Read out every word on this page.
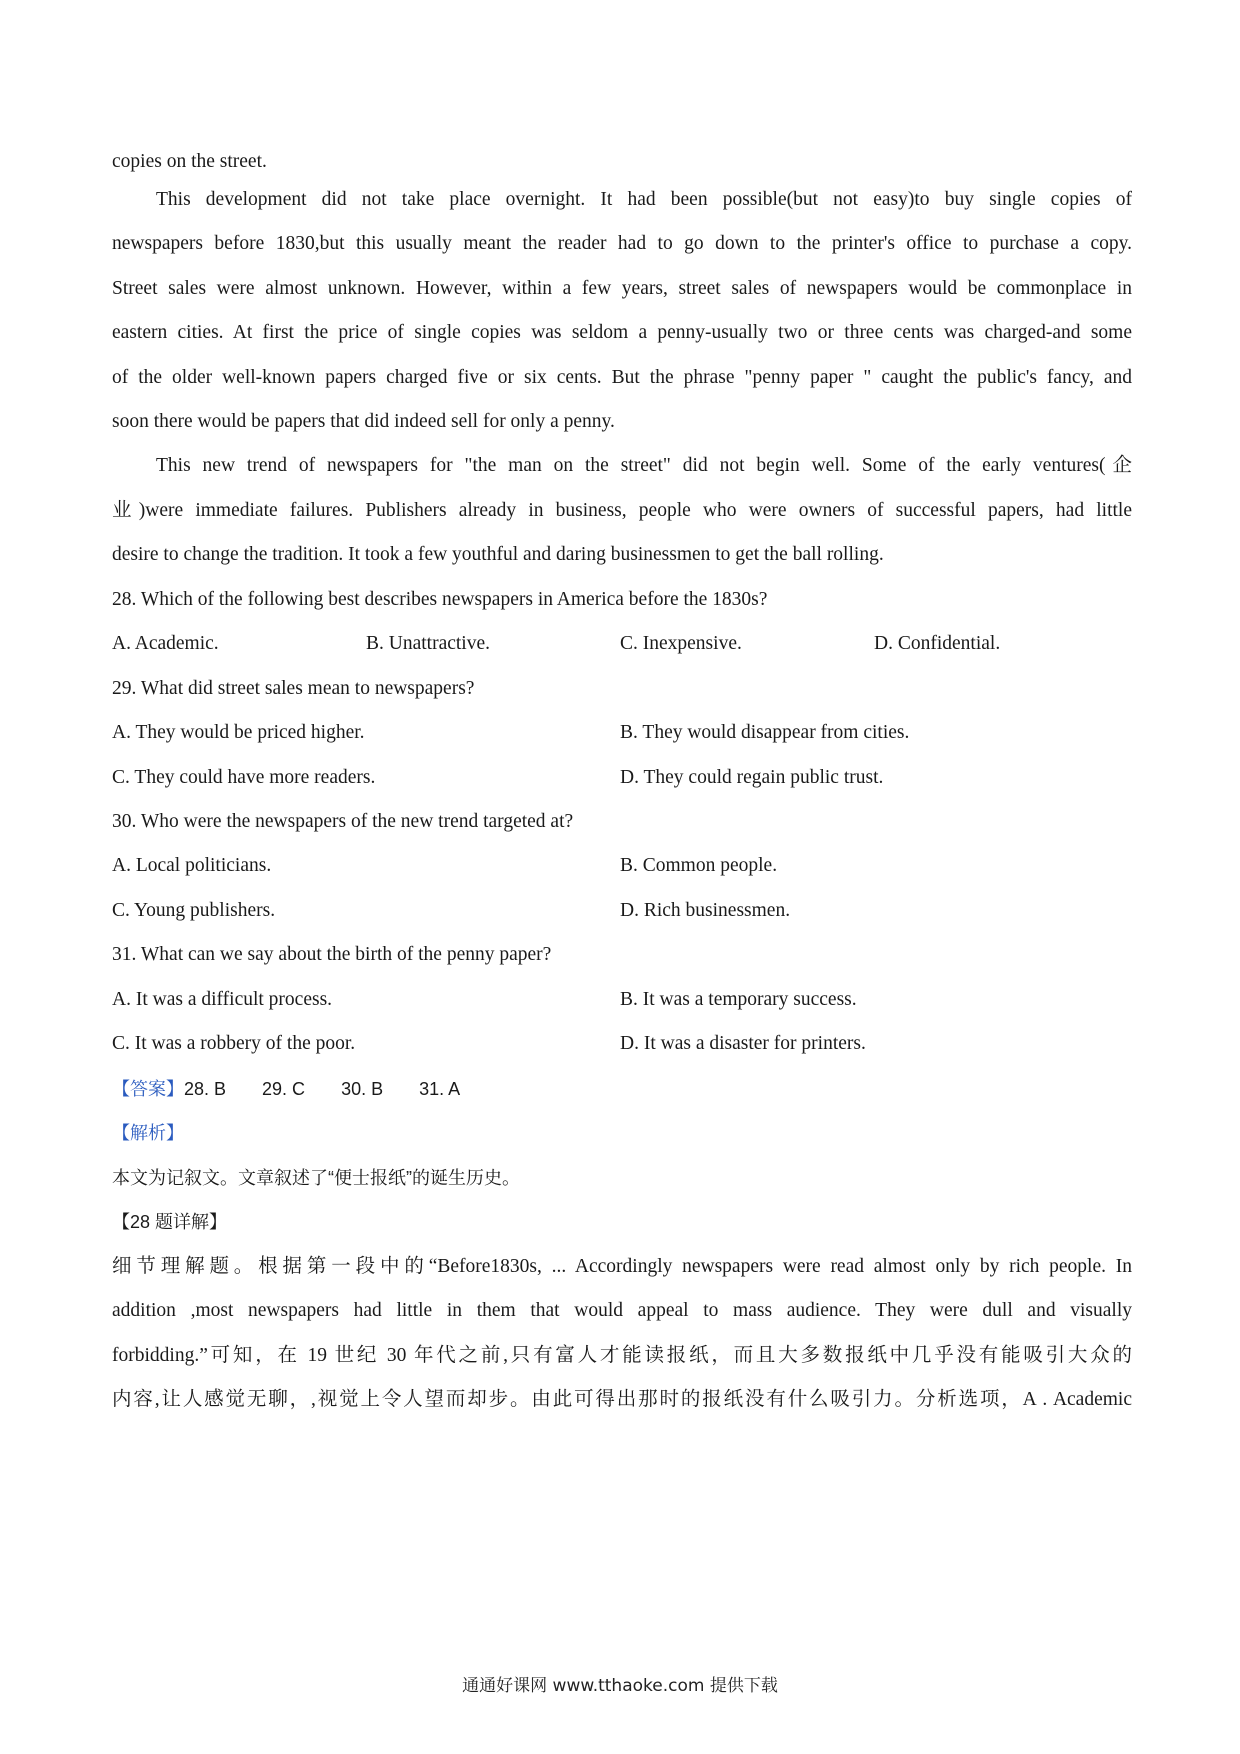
copies on the street.
This development did not take place overnight. It had been possible(but not easy)to buy single copies of
newspapers before 1830,but this usually meant the reader had to go down to the printer's office to purchase a copy.
Street sales were almost unknown. However, within a few years, street sales of newspapers would be commonplace in
eastern cities. At first the price of single copies was seldom a penny-usually two or three cents was charged-and some
of the older well-known papers charged five or six cents. But the phrase "penny paper " caught the public's fancy, and
soon there would be papers that did indeed sell for only a penny.
This new trend of newspapers for "the man on the street" did not begin well. Some of the early ventures(企
业)were immediate failures. Publishers already in business, people who were owners of successful papers, had little
desire to change the tradition. It took a few youthful and daring businessmen to get the ball rolling.
28. Which of the following best describes newspapers in America before the 1830s?
A. Academic.	B. Unattractive.	C. Inexpensive.	D. Confidential.
29. What did street sales mean to newspapers?
A. They would be priced higher.	B. They would disappear from cities.
C. They could have more readers.	D. They could regain public trust.
30. Who were the newspapers of the new trend targeted at?
A. Local politicians.	B. Common people.
C. Young publishers.	D. Rich businessmen.
31. What can we say about the birth of the penny paper?
A. It was a difficult process.	B. It was a temporary success.
C. It was a robbery of the poor.	D. It was a disaster for printers.
【答案】28. B 29. C 30. B 31. A
【解析】
本文为记叙文。文章叙述了“便士报纸”的诞生历史。
【28 题详解】
细节理解题。根据第一段中的“Before1830s, ... Accordingly newspapers were read almost only by rich people. In
addition ,most newspapers had little in them that would appeal to mass audience. They were dull and visually
forbidding.”可知，在 19 世纪 30 年代之前,只有富人才能读报纸，而且大多数报纸中几乎没有能吸引大众的
内容,让人感觉无聊，,视觉上令人望而却步。由此可得出那时的报纸没有什么吸引力。分析选项，A . Academic
通通好课网 www.tthaoke.com 提供下载
